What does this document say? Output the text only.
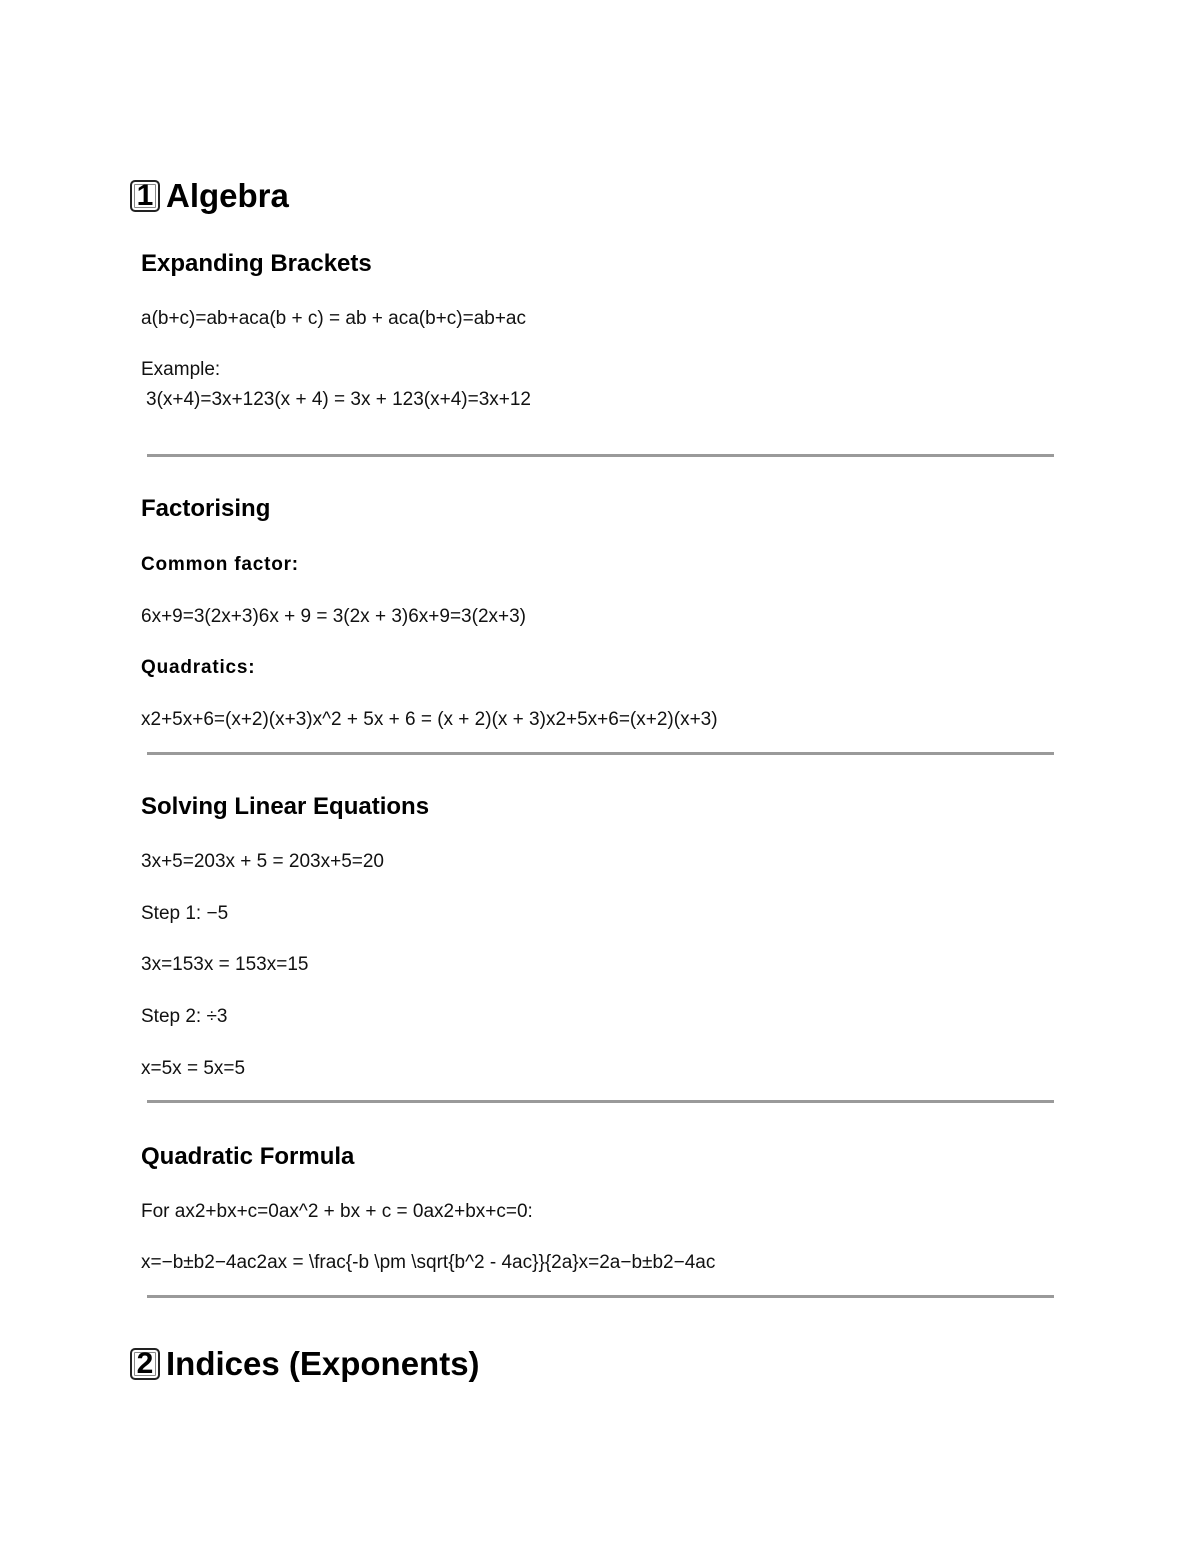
1 Algebra
Expanding Brackets
a(b+c)=ab+aca(b + c) = ab + aca(b+c)=ab+ac
Example:
3(x+4)=3x+123(x + 4) = 3x + 123(x+4)=3x+12
Factorising
Common factor:
6x+9=3(2x+3)6x + 9 = 3(2x + 3)6x+9=3(2x+3)
Quadratics:
x2+5x+6=(x+2)(x+3)x^2 + 5x + 6 = (x + 2)(x + 3)x2+5x+6=(x+2)(x+3)
Solving Linear Equations
3x+5=203x + 5 = 203x+5=20
Step 1: −5
3x=153x = 153x=15
Step 2: ÷3
x=5x = 5x=5
Quadratic Formula
For ax2+bx+c=0ax^2 + bx + c = 0ax2+bx+c=0:
x=−b±b2−4ac2ax = \frac{-b \pm \sqrt{b^2 - 4ac}}{2a}x=2a−b±b2−4ac
2 Indices (Exponents)
